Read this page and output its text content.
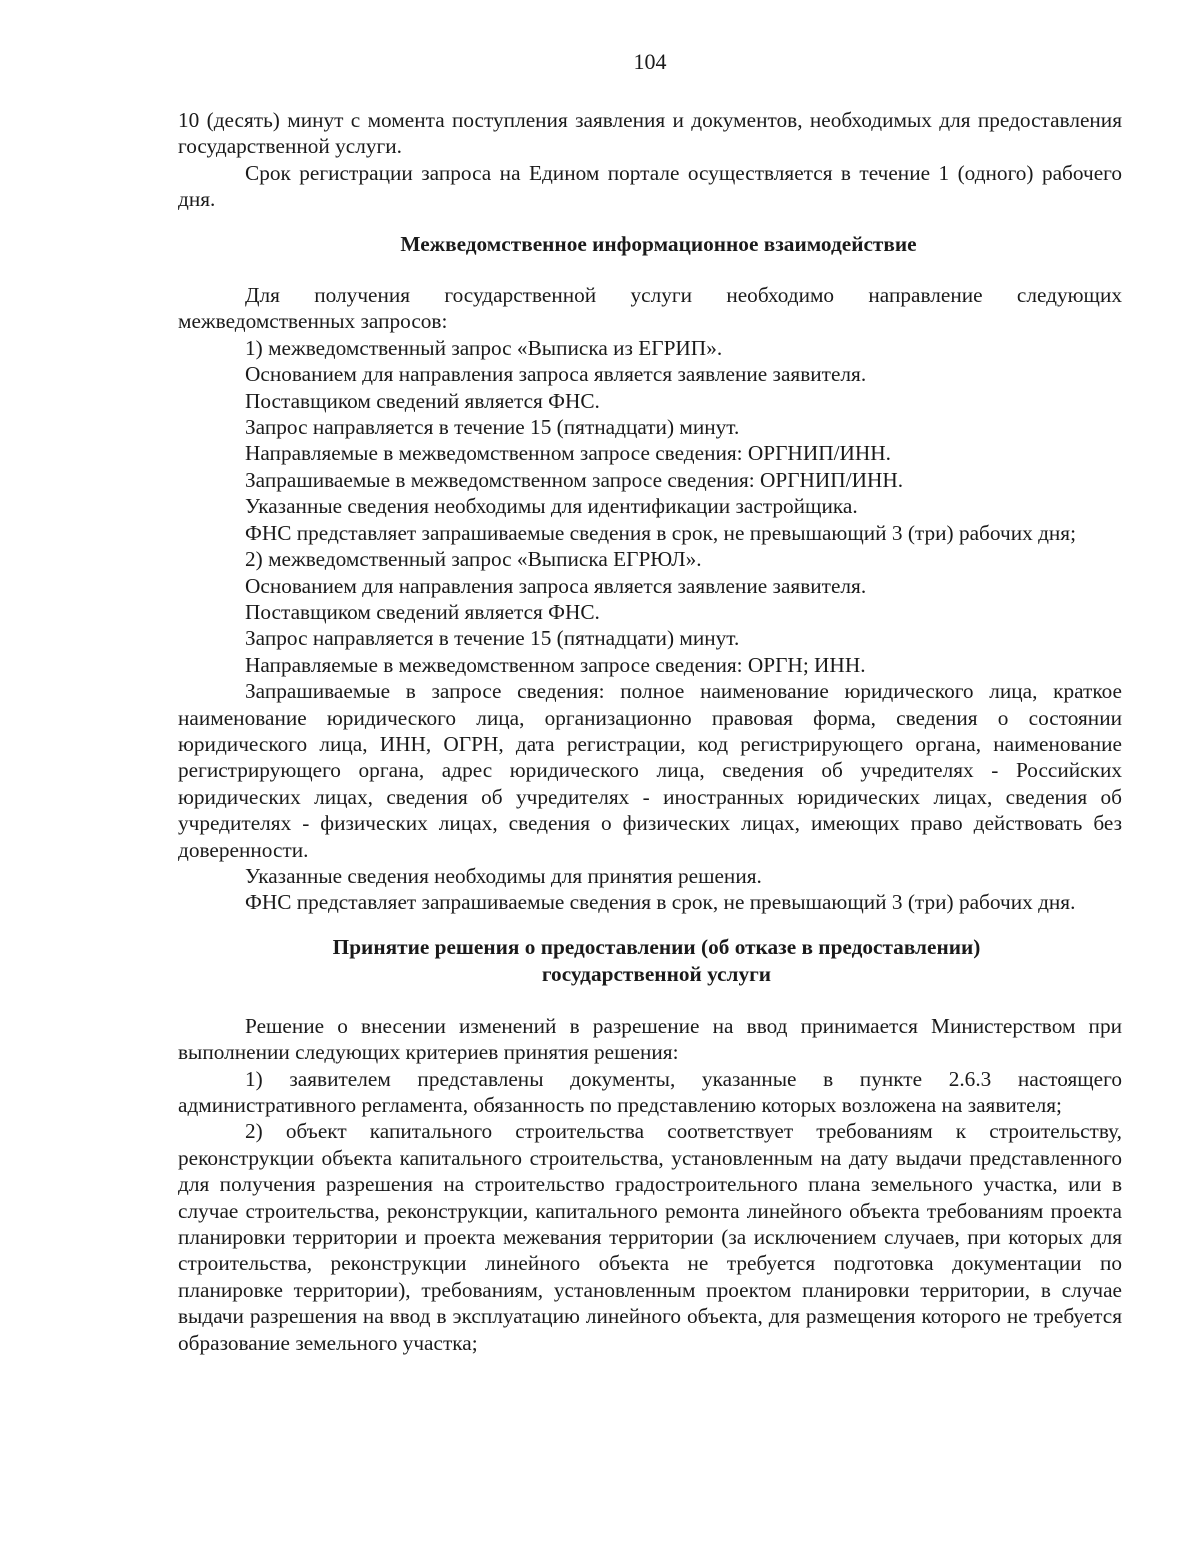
104

10 (десять) минут с момента поступления заявления и документов, необходимых для предоставления государственной услуги.

Срок регистрации запроса на Едином портале осуществляется в течение 1 (одного) рабочего дня.

Межведомственное информационное взаимодействие

Для получения государственной услуги необходимо направление следующих межведомственных запросов:

1) межведомственный запрос «Выписка из ЕГРИП».

Основанием для направления запроса является заявление заявителя.

Поставщиком сведений является ФНС.

Запрос направляется в течение 15 (пятнадцати) минут.

Направляемые в межведомственном запросе сведения: ОРГНИП/ИНН.

Запрашиваемые в межведомственном запросе сведения: ОРГНИП/ИНН.

Указанные сведения необходимы для идентификации застройщика.

ФНС представляет запрашиваемые сведения в срок, не превышающий 3 (три) рабочих дня;

2) межведомственный запрос «Выписка ЕГРЮЛ».

Основанием для направления запроса является заявление заявителя.

Поставщиком сведений является ФНС.

Запрос направляется в течение 15 (пятнадцати) минут.

Направляемые в межведомственном запросе сведения: ОРГН; ИНН.

Запрашиваемые в запросе сведения: полное наименование юридического лица, краткое наименование юридического лица, организационно правовая форма, сведения о состоянии юридического лица, ИНН, ОГРН, дата регистрации, код регистрирующего органа, наименование регистрирующего органа, адрес юридического лица, сведения об учредителях - Российских юридических лицах, сведения об учредителях - иностранных юридических лицах, сведения об учредителях - физических лицах, сведения о физических лицах, имеющих право действовать без доверенности.

Указанные сведения необходимы для принятия решения.

ФНС представляет запрашиваемые сведения в срок, не превышающий 3 (три) рабочих дня.

Принятие решения о предоставлении (об отказе в предоставлении)
государственной услуги

Решение о внесении изменений в разрешение на ввод принимается Министерством при выполнении следующих критериев принятия решения:

1) заявителем представлены документы, указанные в пункте 2.6.3 настоящего административного регламента, обязанность по представлению которых возложена на заявителя;

2) объект капитального строительства соответствует требованиям к строительству, реконструкции объекта капитального строительства, установленным на дату выдачи представленного для получения разрешения на строительство градостроительного плана земельного участка, или в случае строительства, реконструкции, капитального ремонта линейного объекта требованиям проекта планировки территории и проекта межевания территории (за исключением случаев, при которых для строительства, реконструкции линейного объекта не требуется подготовка документации по планировке территории), требованиям, установленным проектом планировки территории, в случае выдачи разрешения на ввод в эксплуатацию линейного объекта, для размещения которого не требуется образование земельного участка;
